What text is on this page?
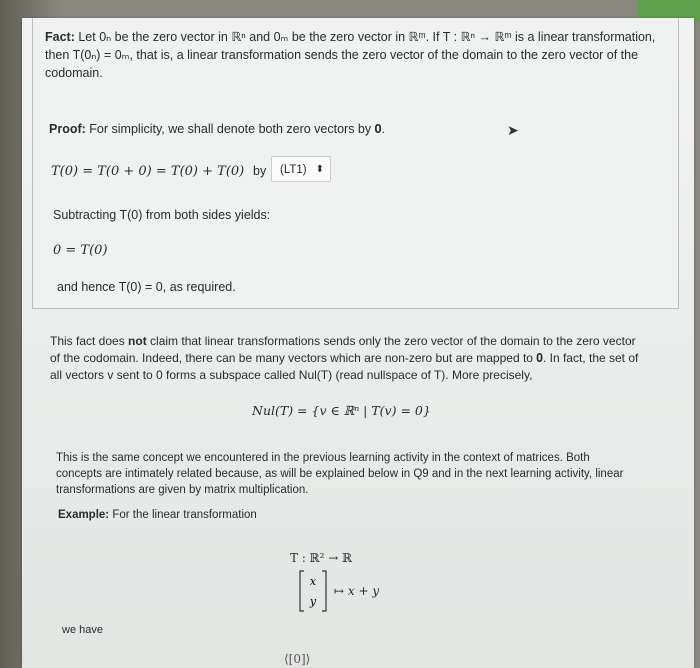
Fact: Let 0ₙ be the zero vector in ℝⁿ and 0ₘ be the zero vector in ℝᵐ. If T : ℝⁿ → ℝᵐ is a linear transformation, then T(0ₙ) = 0ₘ, that is, a linear transformation sends the zero vector of the domain to the zero vector of the codomain.
Proof: For simplicity, we shall denote both zero vectors by 𝟎.	➤
T(0) = T(0 + 0) = T(0) + T(0) by	(LT1) ⬍
Subtracting T(0) from both sides yields:
0 = T(0)
and hence T(0) = 0, as required.
This fact does not claim that linear transformations sends only the zero vector of the domain to the zero vector of the codomain. Indeed, there can be many vectors which are non-zero but are mapped to 𝟎. In fact, the set of all vectors v sent to 0 forms a subspace called Nul(T) (read nullspace of T). More precisely,
Nul(T) = {v ∈ ℝⁿ | T(v) = 0}
This is the same concept we encountered in the previous learning activity in the context of matrices. Both concepts are intimately related because, as will be explained below in Q9 and in the next learning activity, linear transformations are given by matrix multiplication.
Example: For the linear transformation
T : ℝ² → ℝ
x
y
↦ x + y
we have
⟨[0]⟩
